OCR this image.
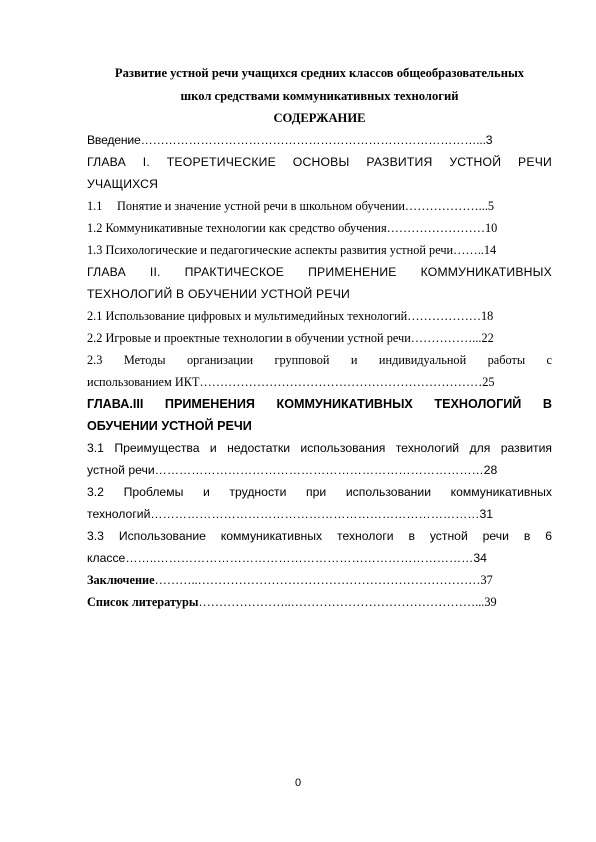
Развитие устной речи учащихся средних классов общеобразовательных
школ средствами коммуникативных технологий

СОДЕРЖАНИЕ

Введение…………………………………………………………………………...3
ГЛАВА І. ТЕОРЕТИЧЕСКИЕ ОСНОВЫ РАЗВИТИЯ УСТНОЙ РЕЧИ
УЧАЩИХСЯ
1.1 Понятие и значение устной речи в школьном обучении………………...5
1.2 Коммуникативные технологии как средство обучения……………………10
1.3 Психологические и педагогические аспекты развития устной речи……..14
ГЛАВА ІІ. ПРАКТИЧЕСКОЕ ПРИМЕНЕНИЕ КОММУНИКАТИВНЫХ
ТЕХНОЛОГИЙ В ОБУЧЕНИИ УСТНОЙ РЕЧИ
2.1 Использование цифровых и мультимедийных технологий………………18
2.2 Игровые и проектные технологии в обучении устной речи……………...22
2.3 Методы организации групповой и индивидуальной работы с
использованием ИКТ……………………………………………………………25
ГЛАВА.III ПРИМЕНЕНИЯ КОММУНИКАТИВНЫХ ТЕХНОЛОГИЙ В
ОБУЧЕНИИ УСТНОЙ РЕЧИ
3.1 Преимущества и недостатки использования технологий для развития
устной речи………………………………………………………………………28
3.2 Проблемы и трудности при использовании коммуникативных
технологий………………………………………………………………………31
3.3 Использование коммуникативных технологи в устной речи в 6
классе……..……………………………………………………………………34
Заключение………..……………………………………………………………37
Список литературы…………………..………………………………………...39
0
